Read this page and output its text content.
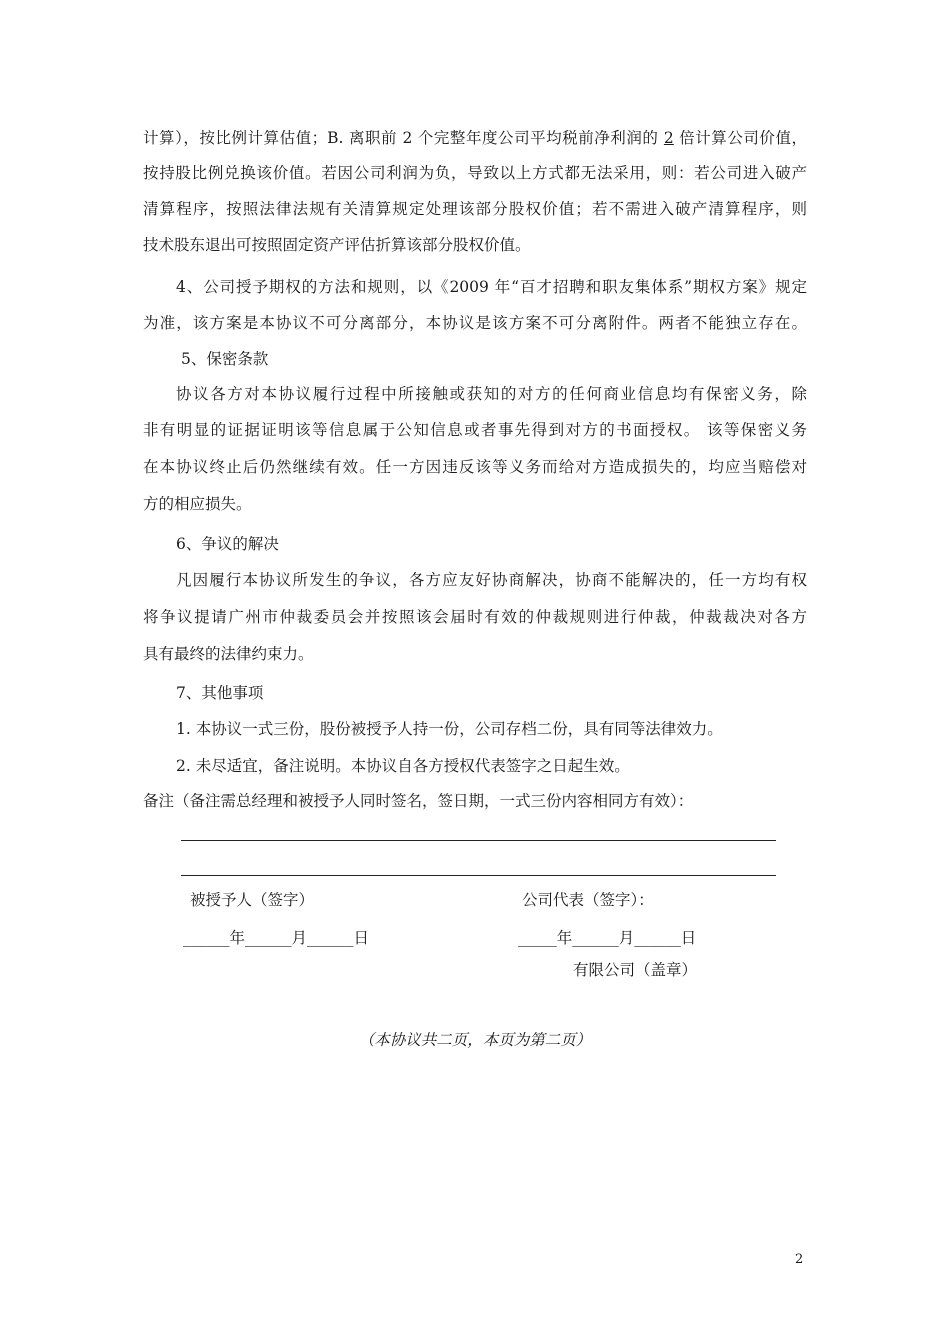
计算），按比例计算估值；B. 离职前 2 个完整年度公司平均税前净利润的 2 倍计算公司价值，
按持股比例兑换该价值。若因公司利润为负，导致以上方式都无法采用，则：若公司进入破产
清算程序，按照法律法规有关清算规定处理该部分股权价值；若不需进入破产清算程序，则
技术股东退出可按照固定资产评估折算该部分股权价值。
4、公司授予期权的方法和规则，以《2009 年“百才招聘和职友集体系”期权方案》规定
为准，该方案是本协议不可分离部分，本协议是该方案不可分离附件。两者不能独立存在。
5、保密条款
协议各方对本协议履行过程中所接触或获知的对方的任何商业信息均有保密义务，除
非有明显的证据证明该等信息属于公知信息或者事先得到对方的书面授权。 该等保密义务
在本协议终止后仍然继续有效。任一方因违反该等义务而给对方造成损失的，均应当赔偿对
方的相应损失。
6、争议的解决
凡因履行本协议所发生的争议，各方应友好协商解决，协商不能解决的，任一方均有权
将争议提请广州市仲裁委员会并按照该会届时有效的仲裁规则进行仲裁，仲裁裁决对各方
具有最终的法律约束力。
7、其他事项
1. 本协议一式三份，股份被授予人持一份，公司存档二份，具有同等法律效力。
2. 未尽适宜，备注说明。本协议自各方授权代表签字之日起生效。
备注（备注需总经理和被授予人同时签名，签日期，一式三份内容相同方有效）：
被授予人（签字）
______年______月______日
公司代表（签字）：
_____年______月______日
有限公司（盖章）
（本协议共二页，本页为第二页）
2
